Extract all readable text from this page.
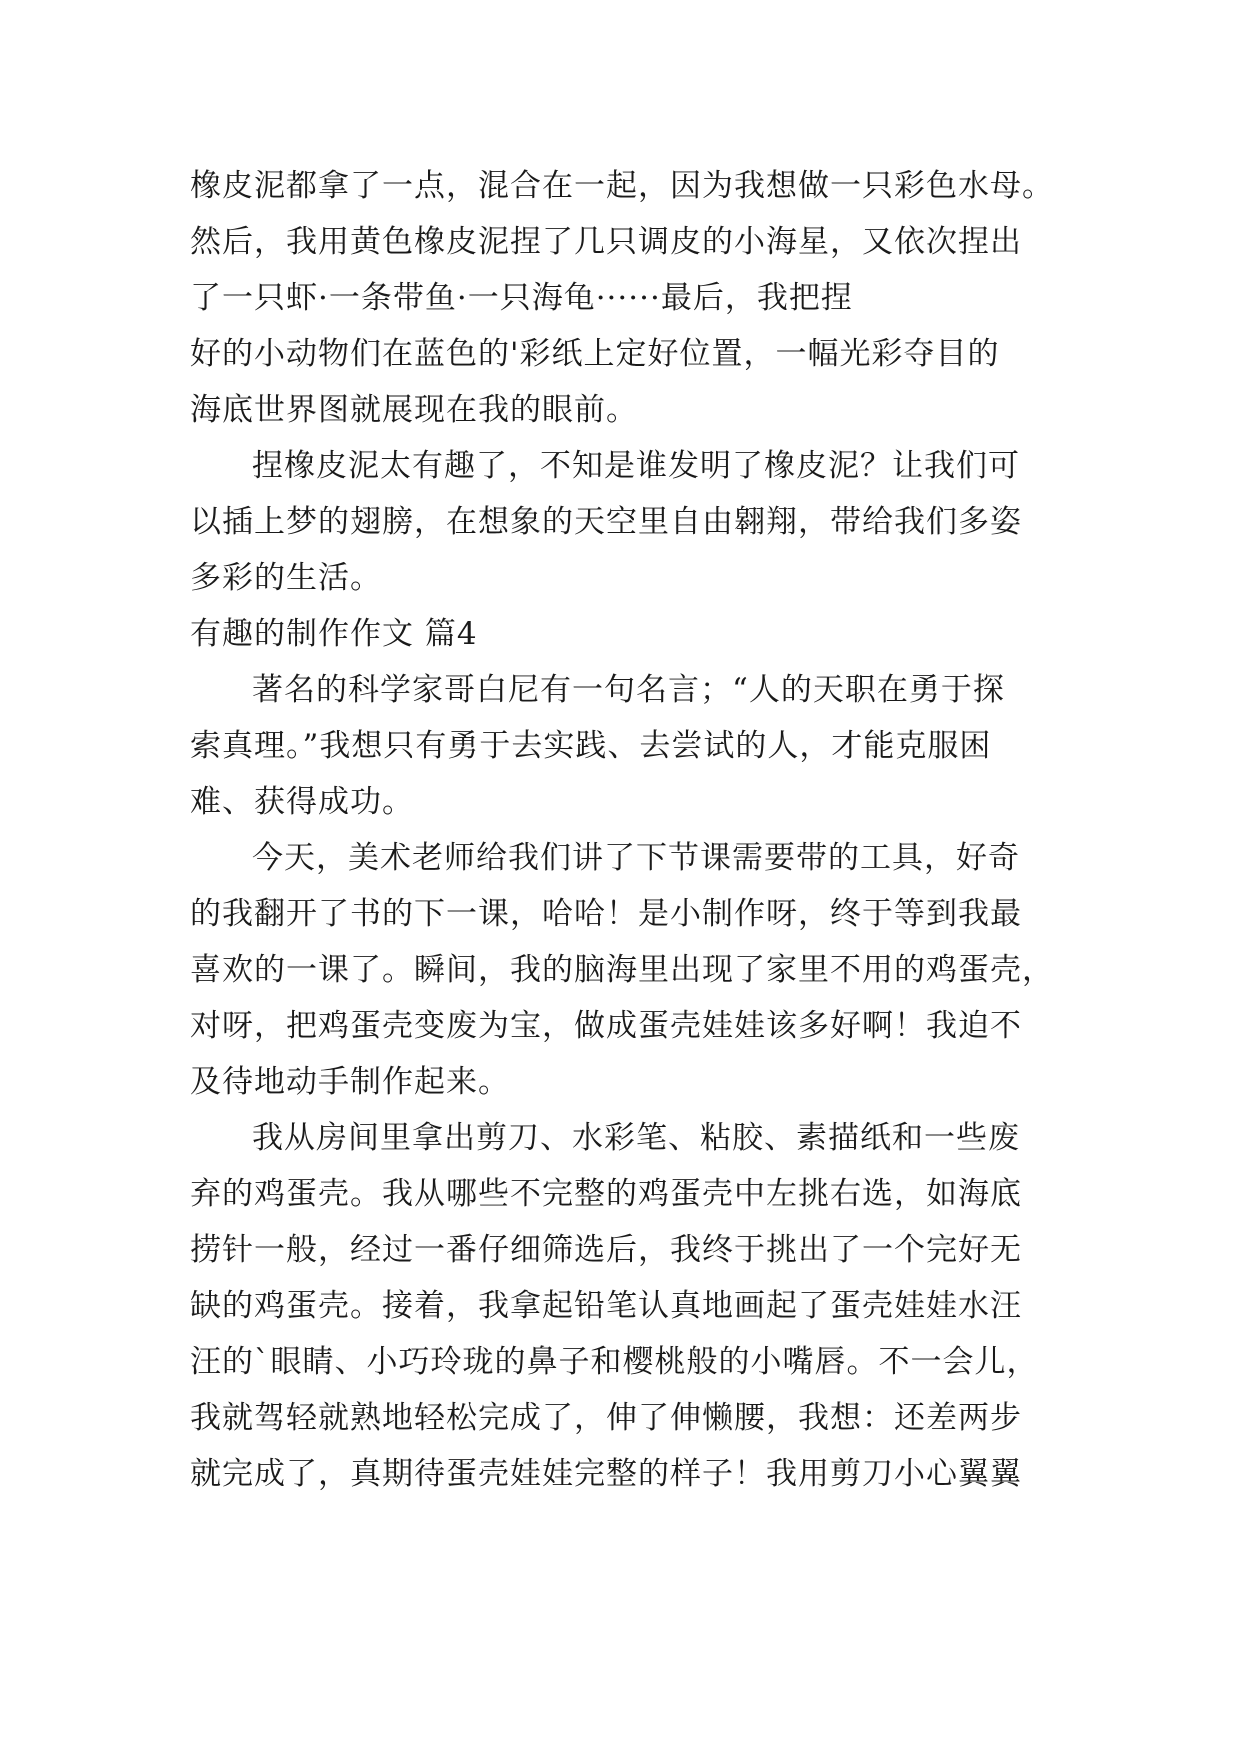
橡皮泥都拿了一点，混合在一起，因为我想做一只彩色水母。
然后，我用黄色橡皮泥捏了几只调皮的小海星，又依次捏出
了一只虾·一条带鱼·一只海龟······最后，我把捏
好的小动物们在蓝色的'彩纸上定好位置，一幅光彩夺目的
海底世界图就展现在我的眼前。
捏橡皮泥太有趣了，不知是谁发明了橡皮泥？让我们可
以插上梦的翅膀，在想象的天空里自由翱翔，带给我们多姿
多彩的生活。
有趣的制作作文 篇4
著名的科学家哥白尼有一句名言；“人的天职在勇于探
索真理。”我想只有勇于去实践、去尝试的人，才能克服困
难、获得成功。
今天，美术老师给我们讲了下节课需要带的工具，好奇
的我翻开了书的下一课，哈哈！是小制作呀，终于等到我最
喜欢的一课了。瞬间，我的脑海里出现了家里不用的鸡蛋壳，
对呀，把鸡蛋壳变废为宝，做成蛋壳娃娃该多好啊！我迫不
及待地动手制作起来。
我从房间里拿出剪刀、水彩笔、粘胶、素描纸和一些废
弃的鸡蛋壳。我从哪些不完整的鸡蛋壳中左挑右选，如海底
捞针一般，经过一番仔细筛选后，我终于挑出了一个完好无
缺的鸡蛋壳。接着，我拿起铅笔认真地画起了蛋壳娃娃水汪
汪的`眼睛、小巧玲珑的鼻子和樱桃般的小嘴唇。不一会儿，
我就驾轻就熟地轻松完成了，伸了伸懒腰，我想：还差两步
就完成了，真期待蛋壳娃娃完整的样子！我用剪刀小心翼翼
